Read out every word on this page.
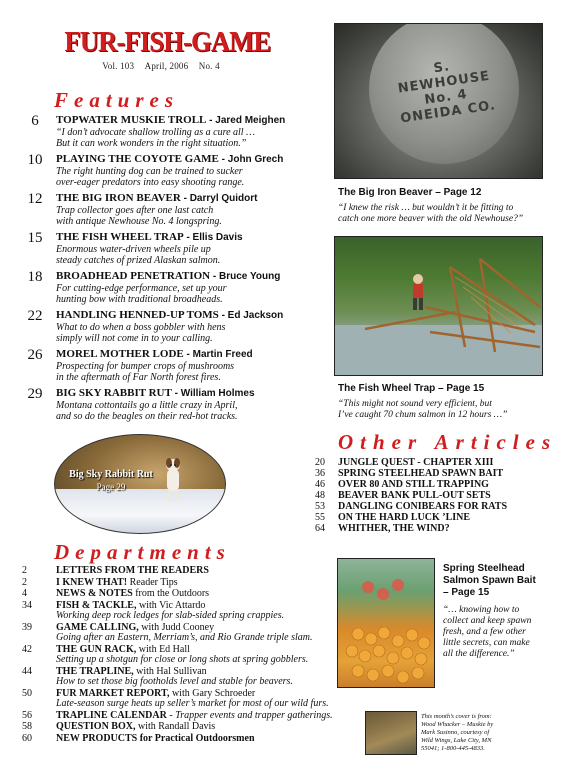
FUR-FISH-GAME
Vol. 103 April, 2006 No. 4
Features
6	TOPWATER MUSKIE TROLL - Jared Meighen
“I don’t advocate shallow trolling as a cure all …
But it can work wonders in the right situation.”
10	PLAYING THE COYOTE GAME - John Grech
The right hunting dog can be trained to sucker
over-eager predators into easy shooting range.
12	THE BIG IRON BEAVER - Darryl Quidort
Trap collector goes after one last catch
with antique Newhouse No. 4 longspring.
15	THE FISH WHEEL TRAP - Ellis Davis
Enormous water-driven wheels pile up
steady catches of prized Alaskan salmon.
18	BROADHEAD PENETRATION - Bruce Young
For cutting-edge performance, set up your
hunting bow with traditional broadheads.
22	HANDLING HENNED-UP TOMS - Ed Jackson
What to do when a boss gobbler with hens
simply will not come in to your calling.
26	MOREL MOTHER LODE - Martin Freed
Prospecting for bumper crops of mushrooms
in the aftermath of Far North forest fires.
29	BIG SKY RABBIT RUT - William Holmes
Montana cottontails go a little crazy in April,
and so do the beagles on their red-hot tracks.
Big Sky Rabbit Rut
Page 29
Departments
2	LETTERS FROM THE READERS
2	I KNEW THAT! Reader Tips
4	NEWS & NOTES from the Outdoors
34	FISH & TACKLE, with Vic Attardo
Working deep rock ledges for slab-sided spring crappies.
39	GAME CALLING, with Judd Cooney
Going after an Eastern, Merriam’s, and Rio Grande triple slam.
42	THE GUN RACK, with Ed Hall
Setting up a shotgun for close or long shots at spring gobblers.
44	THE TRAPLINE, with Hal Sullivan
How to set those big footholds level and stable for beavers.
50	FUR MARKET REPORT, with Gary Schroeder
Late-season surge heats up seller’s market for most of our wild furs.
56	TRAPLINE CALENDAR - Trapper events and trapper gatherings.
58	QUESTION BOX, with Randall Davis
60	NEW PRODUCTS for Practical Outdoorsmen
S. NEWHOUSE No. 4 ONEIDA CO.
The Big Iron Beaver – Page 12
“I knew the risk … but wouldn’t it be fitting to
catch one more beaver with the old Newhouse?”
The Fish Wheel Trap – Page 15
“This might not sound very efficient, but
I’ve caught 70 chum salmon in 12 hours …”
Other Articles
20	JUNGLE QUEST - CHAPTER XIII
36	SPRING STEELHEAD SPAWN BAIT
46	OVER 80 AND STILL TRAPPING
48	BEAVER BANK PULL-OUT SETS
53	DANGLING CONIBEARS FOR RATS
55	ON THE HARD LUCK ’LINE
64	WHITHER, THE WIND?
Spring Steelhead
Salmon Spawn Bait
– Page 15
“… knowing how to
collect and keep spawn
fresh, and a few other
little secrets, can make
all the difference.”
This month’s cover is from:
Wood Whacker – Muskie by
Mark Susinno, courtesy of
Wild Wings, Lake City, MN
55041; 1-800-445-4833.
